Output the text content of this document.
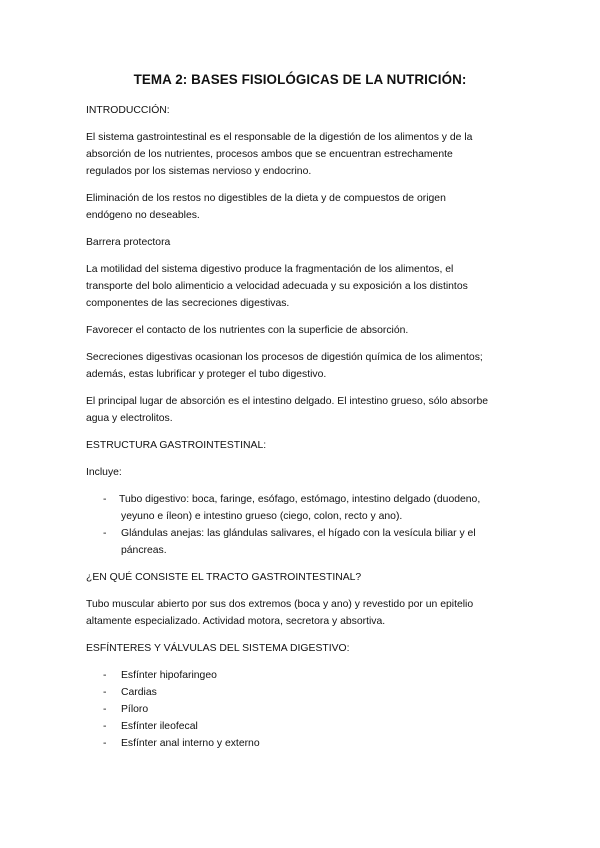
TEMA 2: BASES FISIOLÓGICAS DE LA NUTRICIÓN:
INTRODUCCIÓN:
El sistema gastrointestinal es el responsable de la digestión de los alimentos y de la
absorción de los nutrientes, procesos ambos que se encuentran estrechamente
regulados por los sistemas nervioso y endocrino.
Eliminación de los restos no digestibles de la dieta y de compuestos de origen
endógeno no deseables.
Barrera protectora
La motilidad del sistema digestivo produce la fragmentación de los alimentos, el
transporte del bolo alimenticio a velocidad adecuada y su exposición a los distintos
componentes de las secreciones digestivas.
Favorecer el contacto de los nutrientes con la superficie de absorción.
Secreciones digestivas ocasionan los procesos de digestión química de los alimentos;
además, estas lubrificar y proteger el tubo digestivo.
El principal lugar de absorción es el intestino delgado. El intestino grueso, sólo absorbe
agua y electrolitos.
ESTRUCTURA GASTROINTESTINAL:
Incluye:
- Tubo digestivo: boca, faringe, esófago, estómago, intestino delgado (duodeno,
yeyuno e íleon) e intestino grueso (ciego, colon, recto y ano).
- Glándulas anejas: las glándulas salivares, el hígado con la vesícula biliar y el
páncreas.
¿EN QUÉ CONSISTE EL TRACTO GASTROINTESTINAL?
Tubo muscular abierto por sus dos extremos (boca y ano) y revestido por un epitelio
altamente especializado. Actividad motora, secretora y absortiva.
ESFÍNTERES Y VÁLVULAS DEL SISTEMA DIGESTIVO:
- Esfínter hipofaringeo
- Cardias
- Píloro
- Esfínter ileofecal
- Esfínter anal interno y externo
